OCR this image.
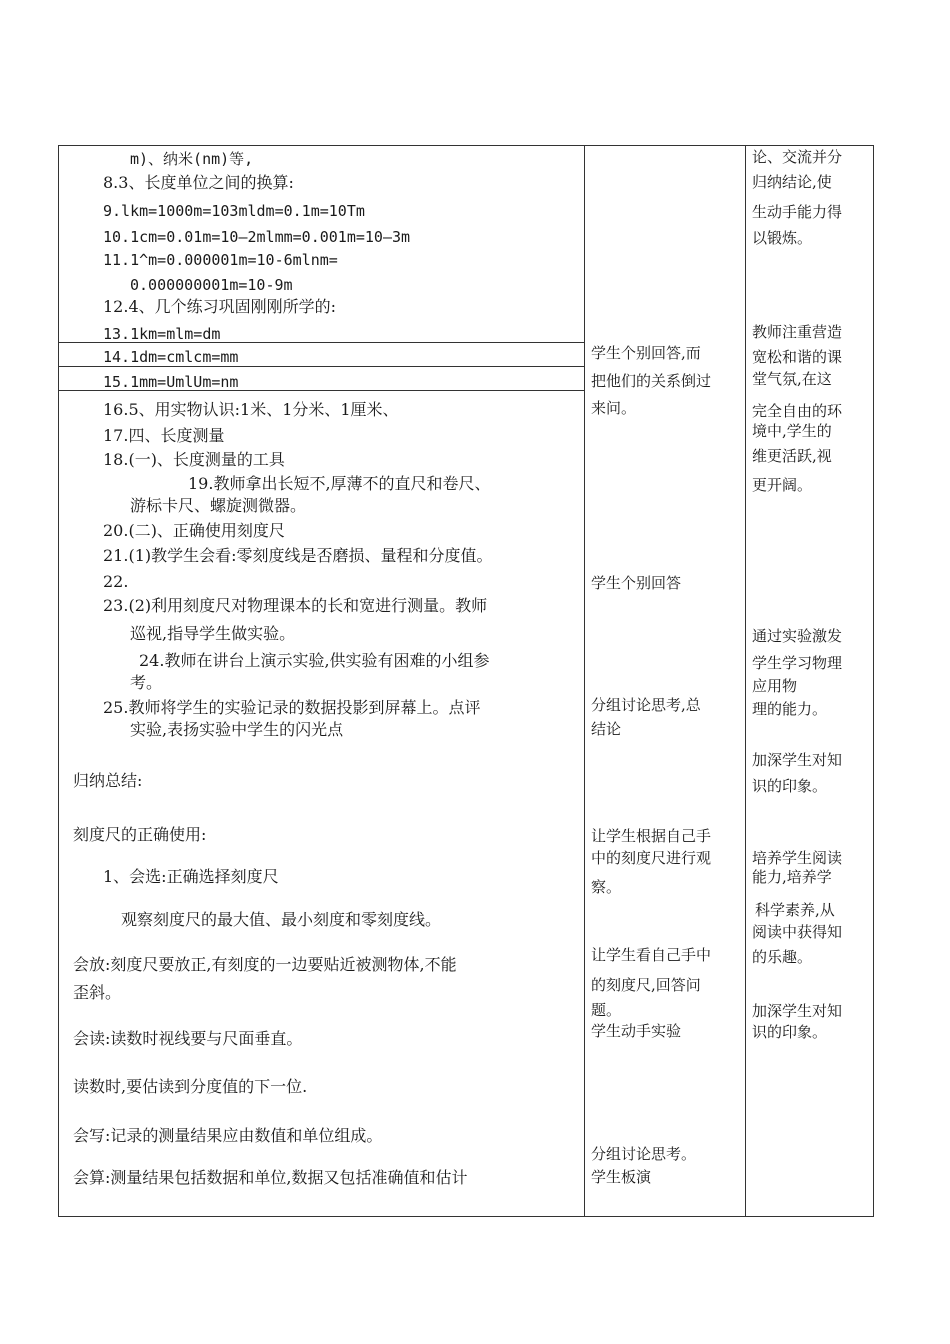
m)、纳米(nm)等,
8.3、长度单位之间的换算:
9.lkm=1000m=103mldm=0.1m=10Tm
10.1cm=0.01m=10—2mlmm=0.001m=10—3m
11.1^m=0.000001m=10-6mlnm=
0.000000001m=10-9m
12.4、几个练习巩固刚刚所学的:
13.1km=mlm=dm
14.1dm=cmlcm=mm
15.1mm=UmlUm=nm
16.5、用实物认识:1米、1分米、1厘米、
17.四、长度测量
18.(一)、长度测量的工具
19.教师拿出长短不,厚薄不的直尺和卷尺、
游标卡尺、螺旋测微器。
20.(二)、正确使用刻度尺
21.(1)教学生会看:零刻度线是否磨损、量程和分度值。
22.
23.(2)利用刻度尺对物理课本的长和宽进行测量。教师
巡视,指导学生做实验。
24.教师在讲台上演示实验,供实验有困难的小组参
考。
25.教师将学生的实验记录的数据投影到屏幕上。点评
实验,表扬实验中学生的闪光点
归纳总结:
刻度尺的正确使用:
1、会选:正确选择刻度尺
观察刻度尺的最大值、最小刻度和零刻度线。
会放:刻度尺要放正,有刻度的一边要贴近被测物体,不能
歪斜。
会读:读数时视线要与尺面垂直。
读数时,要估读到分度值的下一位.
会写:记录的测量结果应由数值和单位组成。
会算:测量结果包括数据和单位,数据又包括准确值和估计
学生个别回答,而
把他们的关系倒过
来问。
学生个别回答
分组讨论思考,总
结论
让学生根据自己手
中的刻度尺进行观
察。
让学生看自己手中
的刻度尺,回答问
题。
学生动手实验
分组讨论思考。
学生板演
论、交流并分
归纳结论,使
生动手能力得
以锻炼。
教师注重营造
宽松和谐的课
堂气氛,在这
完全自由的环
境中,学生的
维更活跃,视
更开阔。
通过实验激发
学生学习物理
应用物
理的能力。
加深学生对知
识的印象。
培养学生阅读
能力,培养学
科学素养,从
阅读中获得知
的乐趣。
加深学生对知
识的印象。
